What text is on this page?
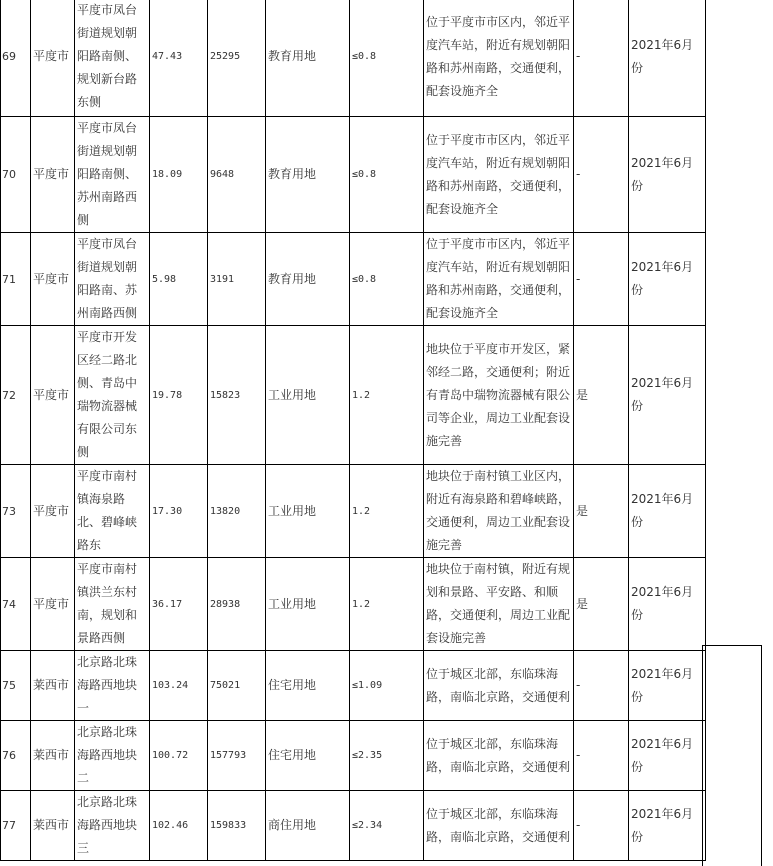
69	平度市	平度市凤台街道规划朝阳路南侧、规划新台路东侧	47.43	25295	教育用地	≤0.8	位于平度市市区内，邻近平度汽车站，附近有规划朝阳路和苏州南路，交通便利，配套设施齐全	-	2021年6月份
70	平度市	平度市凤台街道规划朝阳路南侧、苏州南路西侧	18.09	9648	教育用地	≤0.8	位于平度市市区内，邻近平度汽车站，附近有规划朝阳路和苏州南路，交通便利，配套设施齐全	-	2021年6月份
71	平度市	平度市凤台街道规划朝阳路南、苏州南路西侧	5.98	3191	教育用地	≤0.8	位于平度市市区内，邻近平度汽车站，附近有规划朝阳路和苏州南路，交通便利，配套设施齐全	-	2021年6月份
72	平度市	平度市开发区经二路北侧、青岛中瑞物流器械有限公司东侧	19.78	15823	工业用地	1.2	地块位于平度市开发区，紧邻经二路，交通便利；附近有青岛中瑞物流器械有限公司等企业，周边工业配套设施完善	是	2021年6月份
73	平度市	平度市南村镇海泉路北、碧峰峡路东	17.30	13820	工业用地	1.2	地块位于南村镇工业区内，附近有海泉路和碧峰峡路，交通便利，周边工业配套设施完善	是	2021年6月份
74	平度市	平度市南村镇洪兰东村南，规划和景路西侧	36.17	28938	工业用地	1.2	地块位于南村镇，附近有规划和景路、平安路、和顺路，交通便利，周边工业配套设施完善	是	2021年6月份
75	莱西市	北京路北珠海路西地块一	103.24	75021	住宅用地	≤1.09	位于城区北部，东临珠海路，南临北京路，交通便利	-	2021年6月份
76	莱西市	北京路北珠海路西地块二	100.72	157793	住宅用地	≤2.35	位于城区北部，东临珠海路，南临北京路，交通便利	-	2021年6月份
77	莱西市	北京路北珠海路西地块三	102.46	159833	商住用地	≤2.34	位于城区北部，东临珠海路，南临北京路，交通便利	-	2021年6月份
